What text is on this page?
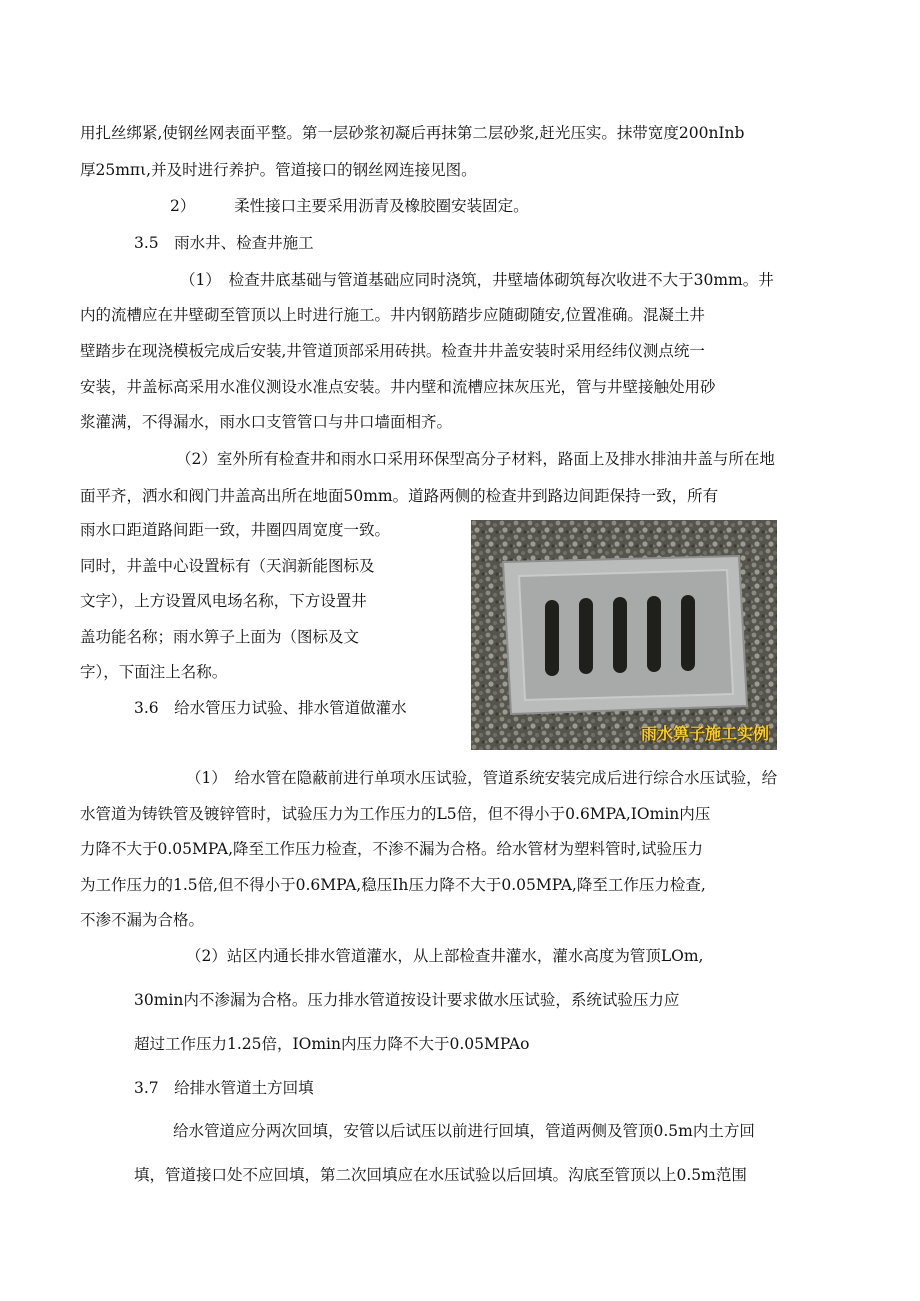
用扎丝绑紧,使钢丝网表面平整。第一层砂浆初凝后再抹第二层砂浆,赶光压实。抹带宽度200nInb
厚25mπι,并及时进行养护。管道接口的钢丝网连接见图。
2）　　　柔性接口主要采用沥青及橡胶圈安装固定。
3.5　雨水井、检查井施工
（1）　检查井底基础与管道基础应同时浇筑，井壁墙体砌筑每次收进不大于30mm。井
内的流槽应在井壁砌至管顶以上时进行施工。井内钢筋踏步应随砌随安,位置准确。混凝土井
壁踏步在现浇模板完成后安装,井管道顶部采用砖拱。检查井井盖安装时采用经纬仪测点统一
安装，井盖标高采用水准仪测设水准点安装。井内壁和流槽应抹灰压光，管与井壁接触处用砂
浆灌满，不得漏水，雨水口支管管口与井口墙面相齐。
（2）室外所有检查井和雨水口采用环保型高分子材料，路面上及排水排油井盖与所在地
面平齐，洒水和阀门井盖高出所在地面50mm。道路两侧的检查井到路边间距保持一致，所有
雨水口距道路间距一致，井圈四周宽度一致。
同时，井盖中心设置标有（天润新能图标及
文字），上方设置风电场名称，下方设置井
盖功能名称；雨水箅子上面为（图标及文
字），下面注上名称。
3.6　给水管压力试验、排水管道做灌水
雨水箅子施工实例
（1）　给水管在隐蔽前进行单项水压试验，管道系统安装完成后进行综合水压试验，给
水管道为铸铁管及镀锌管时，试验压力为工作压力的L5倍，但不得小于0.6MPA,IOmin内压
力降不大于0.05MPA,降至工作压力检查，不渗不漏为合格。给水管材为塑料管时,试验压力
为工作压力的1.5倍,但不得小于0.6MPA,稳压Ih压力降不大于0.05MPA,降至工作压力检查,
不渗不漏为合格。
（2）站区内通长排水管道灌水，从上部检查井灌水，灌水高度为管顶LOm,
30min内不渗漏为合格。压力排水管道按设计要求做水压试验，系统试验压力应
超过工作压力1.25倍，IOmin内压力降不大于0.05MPAo
3.7　给排水管道土方回填
给水管道应分两次回填，安管以后试压以前进行回填，管道两侧及管顶0.5m内土方回
填，管道接口处不应回填，第二次回填应在水压试验以后回填。沟底至管顶以上0.5m范围
